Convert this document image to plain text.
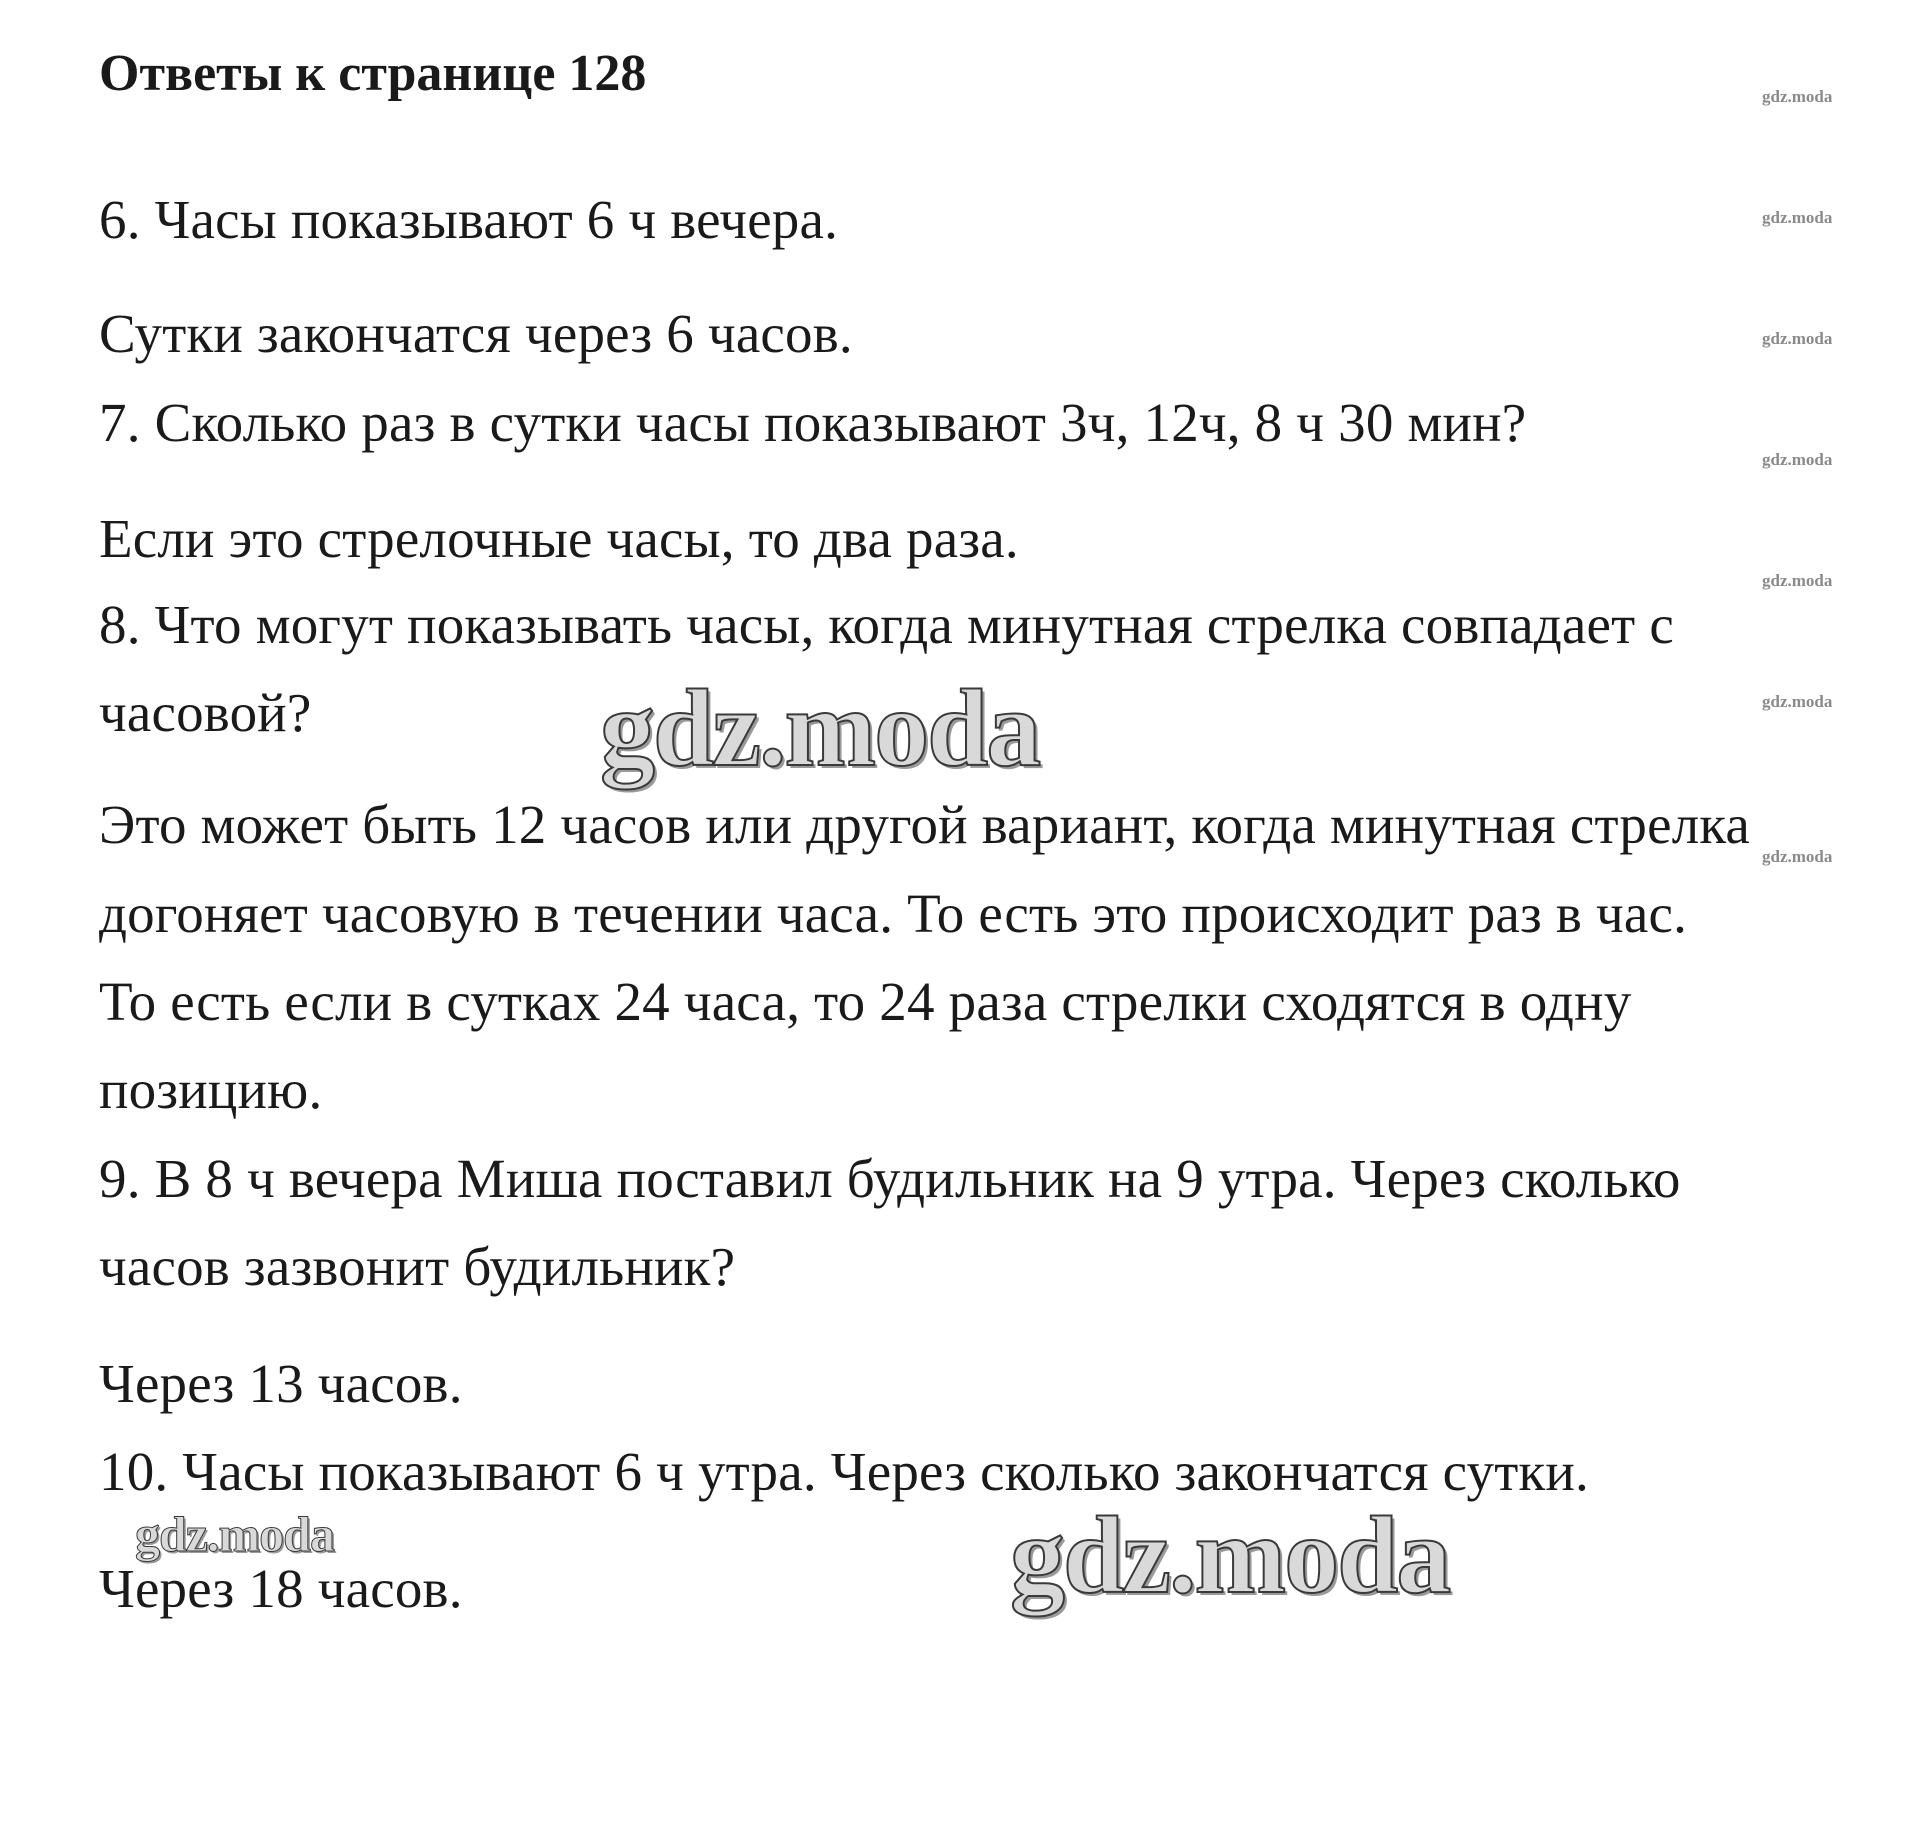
Ответы к странице 128
6. Часы показывают 6 ч вечера.
Сутки закончатся через 6 часов.
7. Сколько раз в сутки часы показывают 3ч, 12ч, 8 ч 30 мин?
Если это стрелочные часы, то два раза.
8. Что могут показывать часы, когда минутная стрелка совпадает с
часовой?
Это может быть 12 часов или другой вариант, когда минутная стрелка
догоняет часовую в течении часа. То есть это происходит раз в час.
То есть если в сутках 24 часа, то 24 раза стрелки сходятся в одну
позицию.
9. В 8 ч вечера Миша поставил будильник на 9 утра. Через сколько
часов зазвонит будильник?
Через 13 часов.
10. Часы показывают 6 ч утра. Через сколько закончатся сутки.
Через 18 часов.
gdz.moda
gdz.moda
gdz.moda
gdz.moda
gdz.moda
gdz.moda
gdz.moda
gdz.moda
gdz.moda
gdz.moda
